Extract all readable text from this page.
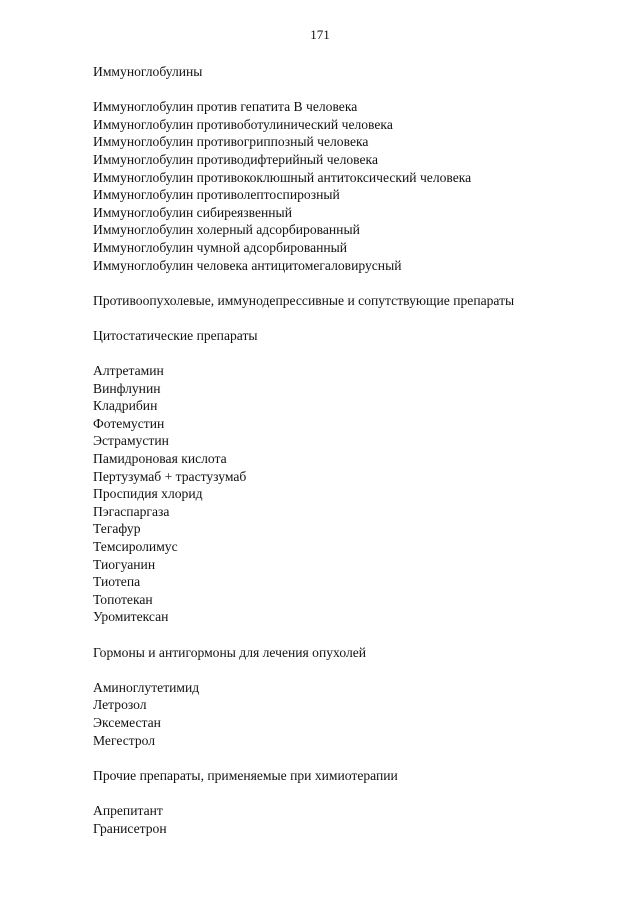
171
Иммуноглобулины
Иммуноглобулин против гепатита В человека
Иммуноглобулин противоботулинический человека
Иммуноглобулин противогриппозный человека
Иммуноглобулин противодифтерийный человека
Иммуноглобулин противококлюшный антитоксический человека
Иммуноглобулин противолептоспирозный
Иммуноглобулин сибиреязвенный
Иммуноглобулин холерный адсорбированный
Иммуноглобулин чумной адсорбированный
Иммуноглобулин человека антицитомегаловирусный
Противоопухолевые, иммунодепрессивные и сопутствующие препараты
Цитостатические препараты
Алтретамин
Винфлунин
Кладрибин
Фотемустин
Эстрамустин
Памидроновая кислота
Пертузумаб + трастузумаб
Проспидия хлорид
Пэгаспаргаза
Тегафур
Темсиролимус
Тиогуанин
Тиотепа
Топотекан
Уромитексан
Гормоны и антигормоны для лечения опухолей
Аминоглутетимид
Летрозол
Эксеместан
Мегестрол
Прочие препараты, применяемые при химиотерапии
Апрепитант
Гранисетрон
